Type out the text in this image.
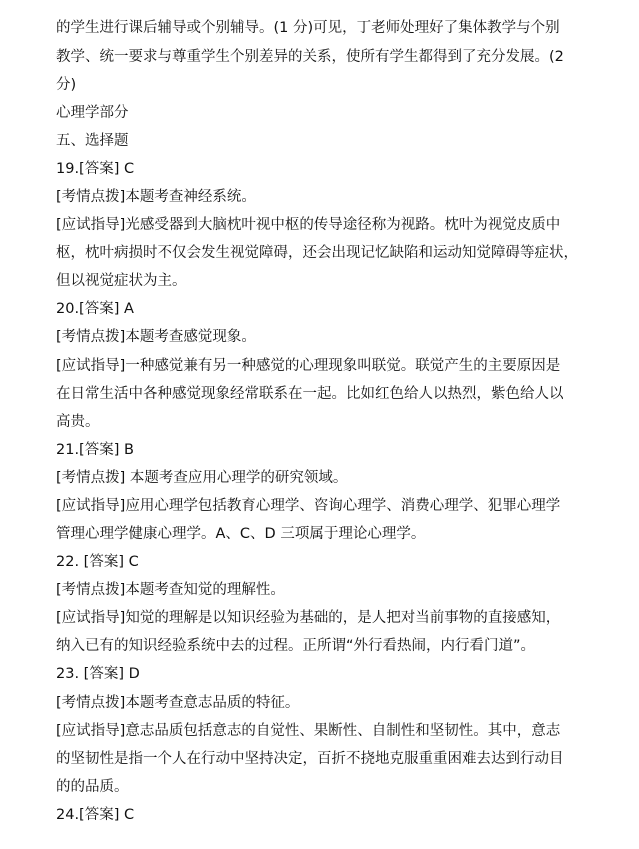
的学生进行课后辅导或个别辅导。(1 分)可见，丁老师处理好了集体教学与个别
教学、统一要求与尊重学生个别差异的关系，使所有学生都得到了充分发展。(2
分)
心理学部分
五、选择题
19.[答案] C
[考情点拨]本题考查神经系统。
[应试指导]光感受器到大脑枕叶视中枢的传导途径称为视路。枕叶为视觉皮质中
枢，枕叶病损时不仅会发生视觉障碍，还会出现记忆缺陷和运动知觉障碍等症状，
但以视觉症状为主。
20.[答案] A
[考情点拨]本题考查感觉现象。
[应试指导]一种感觉兼有另一种感觉的心理现象叫联觉。联觉产生的主要原因是
在日常生活中各种感觉现象经常联系在一起。比如红色给人以热烈，紫色给人以
高贵。
21.[答案] B
[考情点拨] 本题考查应用心理学的研究领域。
[应试指导]应用心理学包括教育心理学、咨询心理学、消费心理学、犯罪心理学
管理心理学健康心理学。A、C、D 三项属于理论心理学。
22. [答案] C
[考情点拨]本题考查知觉的理解性。
[应试指导]知觉的理解是以知识经验为基础的，是人把对当前事物的直接感知，
纳入已有的知识经验系统中去的过程。正所谓“外行看热闹，内行看门道”。
23. [答案] D
[考情点拨]本题考查意志品质的特征。
[应试指导]意志品质包括意志的自觉性、果断性、自制性和坚韧性。其中，意志
的坚韧性是指一个人在行动中坚持决定，百折不挠地克服重重困难去达到行动目
的的品质。
24.[答案] C
